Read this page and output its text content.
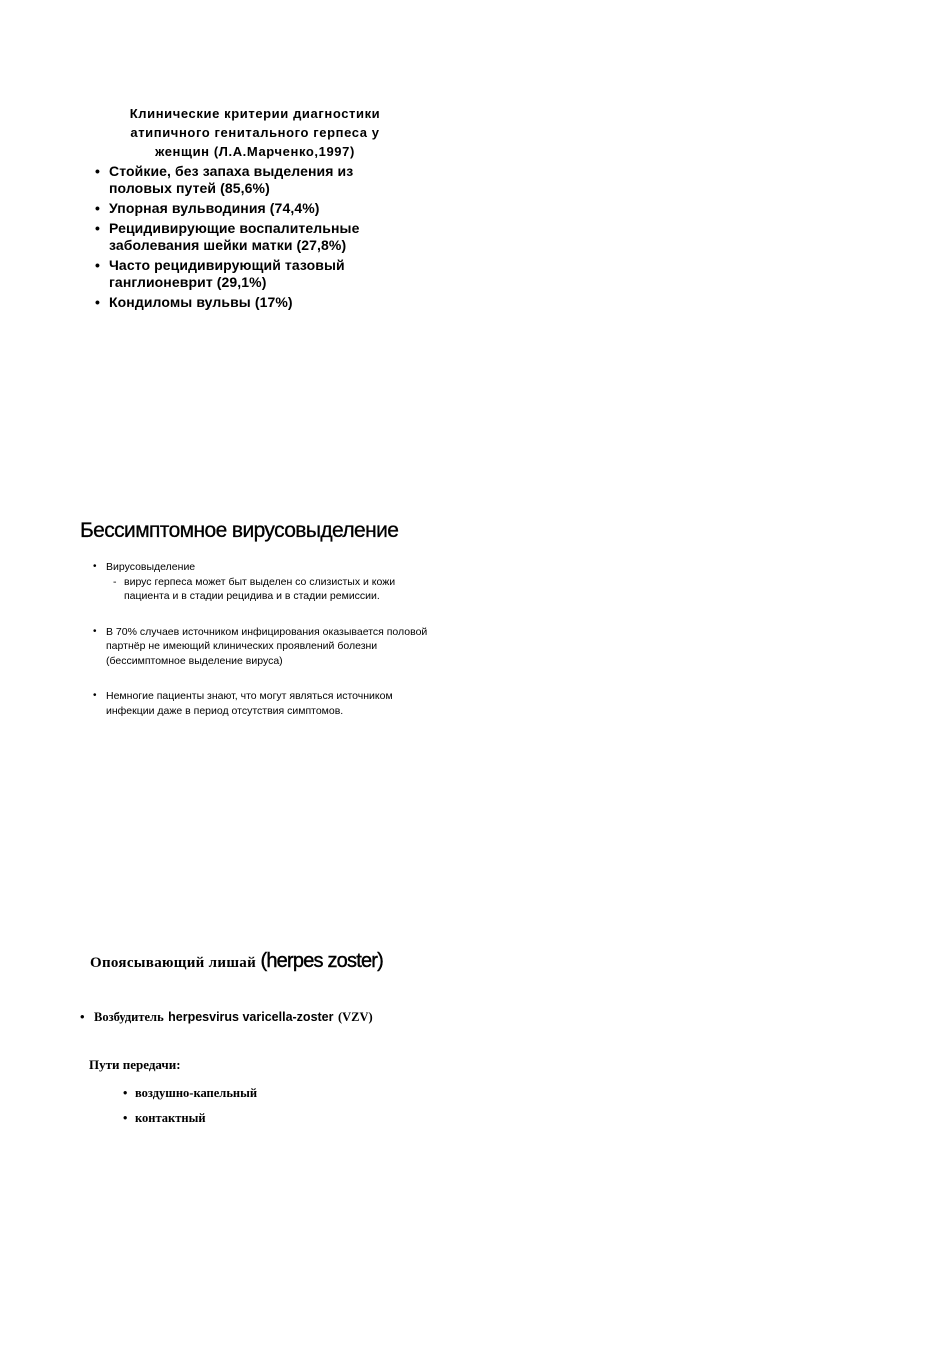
Клинические критерии диагностики
атипичного генитального герпеса у
женщин (Л.А.Марченко,1997)
• Стойкие, без запаха выделения из половых путей (85,6%)
• Упорная вульводиния (74,4%)
• Рецидивирующие воспалительные заболевания шейки матки (27,8%)
• Часто рецидивирующий тазовый ганглионеврит (29,1%)
• Кондиломы вульвы (17%)
Бессимптомное вирусовыделение
• Вирусовыделение
- вирус герпеса может быт выделен со слизистых и кожи пациента и в стадии рецидива и в стадии ремиссии.
• В 70% случаев источником инфицирования оказывается половой партнёр не имеющий клинических проявлений болезни (бессимптомное выделение вируса)
• Немногие пациенты знают, что могут являться источником инфекции даже в период отсутствия симптомов.
Опоясывающий лишай (herpes zoster)
• Возбудитель herpesvirus varicella-zoster (VZV)
Пути передачи:
• воздушно-капельный
• контактный
